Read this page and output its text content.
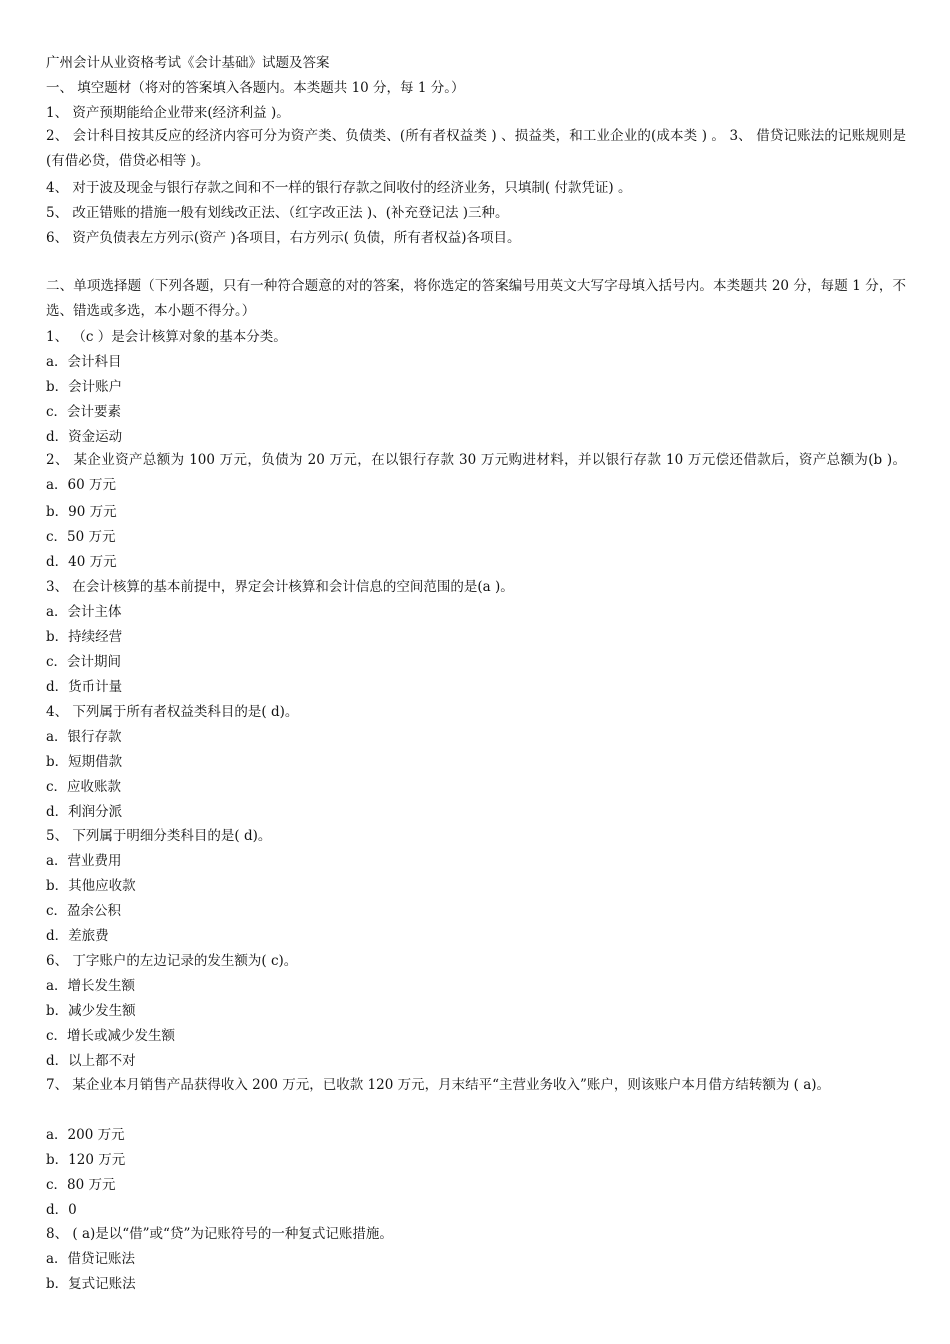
广州会计从业资格考试《会计基础》试题及答案
一、 填空题材（将对的答案填入各题内。本类题共 10 分，每 1 分。）
1、 资产预期能给企业带来(经济利益 )。
2、 会计科目按其反应的经济内容可分为资产类、负债类、(所有者权益类 ) 、损益类，和工业企业的(成本类 ) 。 3、 借贷记账法的记账规则是 (有借必贷，借贷必相等 )。
4、 对于波及现金与银行存款之间和不一样的银行存款之间收付的经济业务，只填制( 付款凭证) 。
5、 改正错账的措施一般有划线改正法、（红字改正法 )、(补充登记法 )三种。
6、 资产负债表左方列示(资产 )各项目，右方列示( 负债，所有者权益)各项目。
二、单项选择题（下列各题，只有一种符合题意的对的答案，将你选定的答案编号用英文大写字母填入括号内。本类题共 20 分，每题 1 分，不选、错选或多选，本小题不得分。）
1、 （c ）是会计核算对象的基本分类。
a．会计科目
b．会计账户
c．会计要素
d．资金运动
2、 某企业资产总额为 100 万元，负债为 20 万元，在以银行存款 30 万元购进材料，并以银行存款 10 万元偿还借款后，资产总额为(b )。 a．60 万元
b．90 万元
c．50 万元
d．40 万元
3、 在会计核算的基本前提中，界定会计核算和会计信息的空间范围的是(a )。
a．会计主体
b．持续经营
c．会计期间
d．货币计量
4、 下列属于所有者权益类科目的是( d)。
a．银行存款
b．短期借款
c．应收账款
d．利润分派
5、 下列属于明细分类科目的是( d)。
a．营业费用
b．其他应收款
c．盈余公积
d．差旅费
6、 丁字账户的左边记录的发生额为( c)。
a．增长发生额
b．减少发生额
c．增长或减少发生额
d．以上都不对
7、 某企业本月销售产品获得收入 200 万元，已收款 120 万元，月末结平“主营业务收入”账户，则该账户本月借方结转额为 ( a)。
a．200 万元
b．120 万元
c．80 万元
d．0
8、 ( a)是以“借”或“贷”为记账符号的一种复式记账措施。
a．借贷记账法
b．复式记账法
